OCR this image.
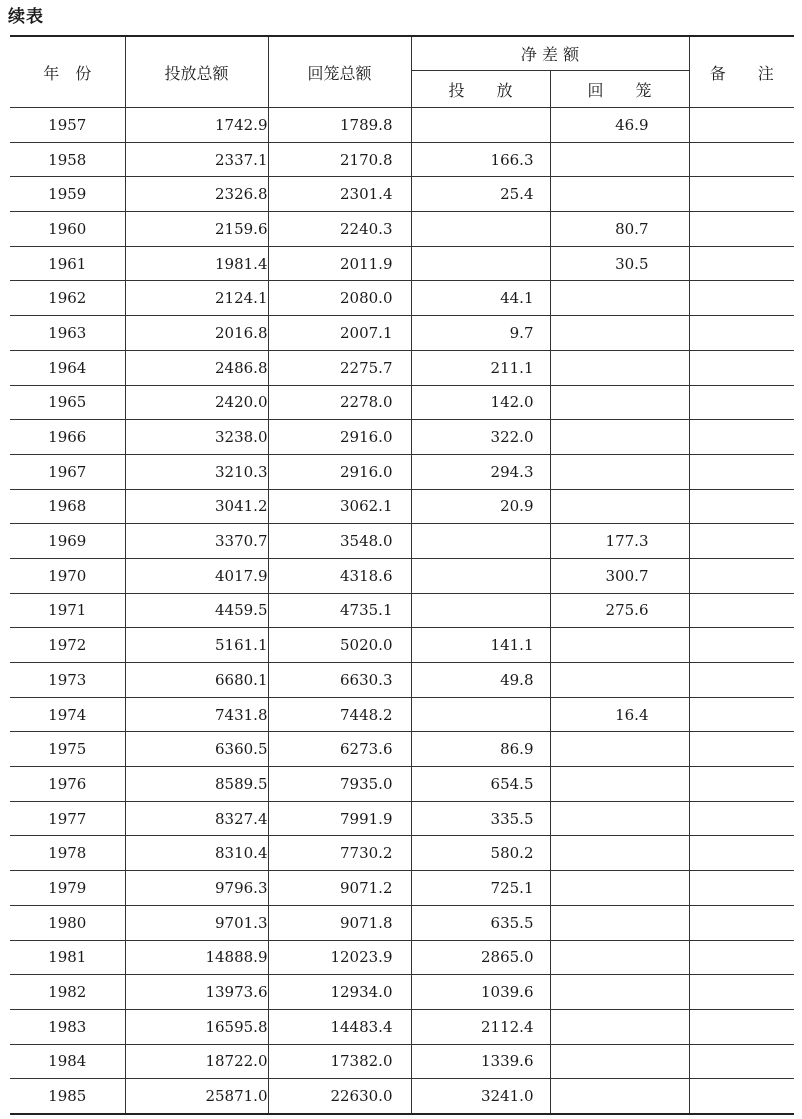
续表
年　份	投放总额	回笼总额	净 差 额		备　　注
			投　　放	回　　笼	
1957	1742.9	1789.8		46.9	
1958	2337.1	2170.8	166.3		
1959	2326.8	2301.4	25.4		
1960	2159.6	2240.3		80.7	
1961	1981.4	2011.9		30.5	
1962	2124.1	2080.0	44.1		
1963	2016.8	2007.1	9.7		
1964	2486.8	2275.7	211.1		
1965	2420.0	2278.0	142.0		
1966	3238.0	2916.0	322.0		
1967	3210.3	2916.0	294.3		
1968	3041.2	3062.1	20.9		
1969	3370.7	3548.0		177.3	
1970	4017.9	4318.6		300.7	
1971	4459.5	4735.1		275.6	
1972	5161.1	5020.0	141.1		
1973	6680.1	6630.3	49.8		
1974	7431.8	7448.2		16.4	
1975	6360.5	6273.6	86.9		
1976	8589.5	7935.0	654.5		
1977	8327.4	7991.9	335.5		
1978	8310.4	7730.2	580.2		
1979	9796.3	9071.2	725.1		
1980	9701.3	9071.8	635.5		
1981	14888.9	12023.9	2865.0		
1982	13973.6	12934.0	1039.6		
1983	16595.8	14483.4	2112.4		
1984	18722.0	17382.0	1339.6		
1985	25871.0	22630.0	3241.0		
